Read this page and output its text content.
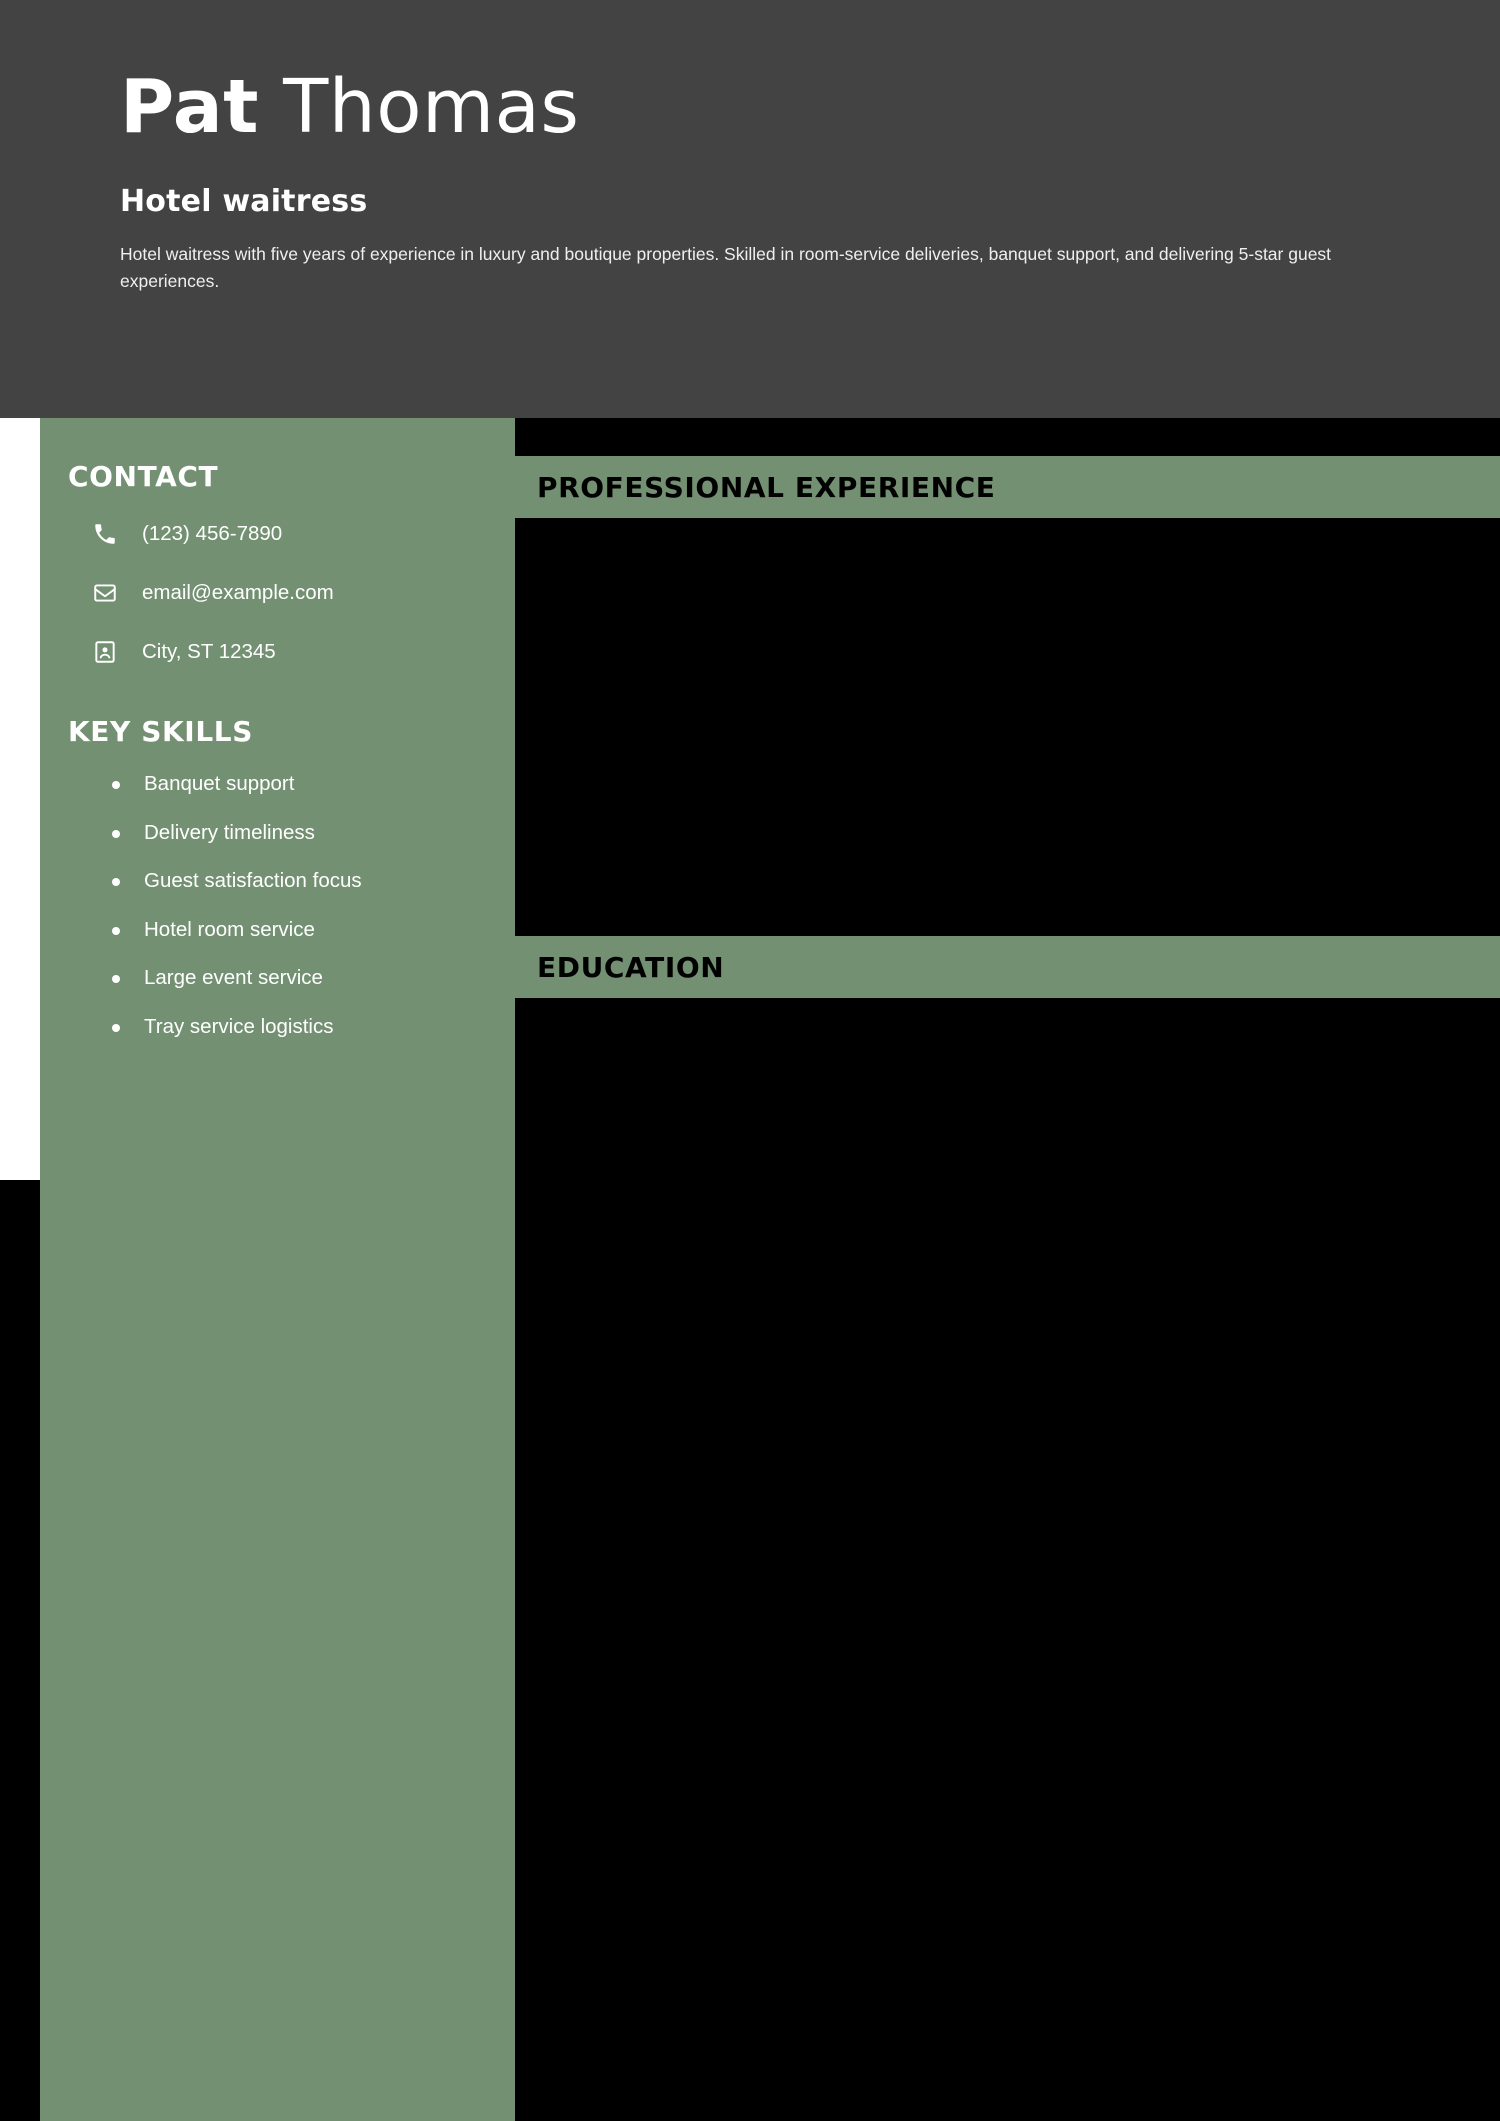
Pat Thomas
Hotel waitress
Hotel waitress with five years of experience in luxury and boutique properties. Skilled in room-service deliveries, banquet support, and delivering 5-star guest experiences.
CONTACT
(123) 456-7890
email@example.com
City, ST 12345
KEY SKILLS
Banquet support
Delivery timeliness
Guest satisfaction focus
Hotel room service
Large event service
Tray service logistics
PROFESSIONAL EXPERIENCE
EDUCATION
